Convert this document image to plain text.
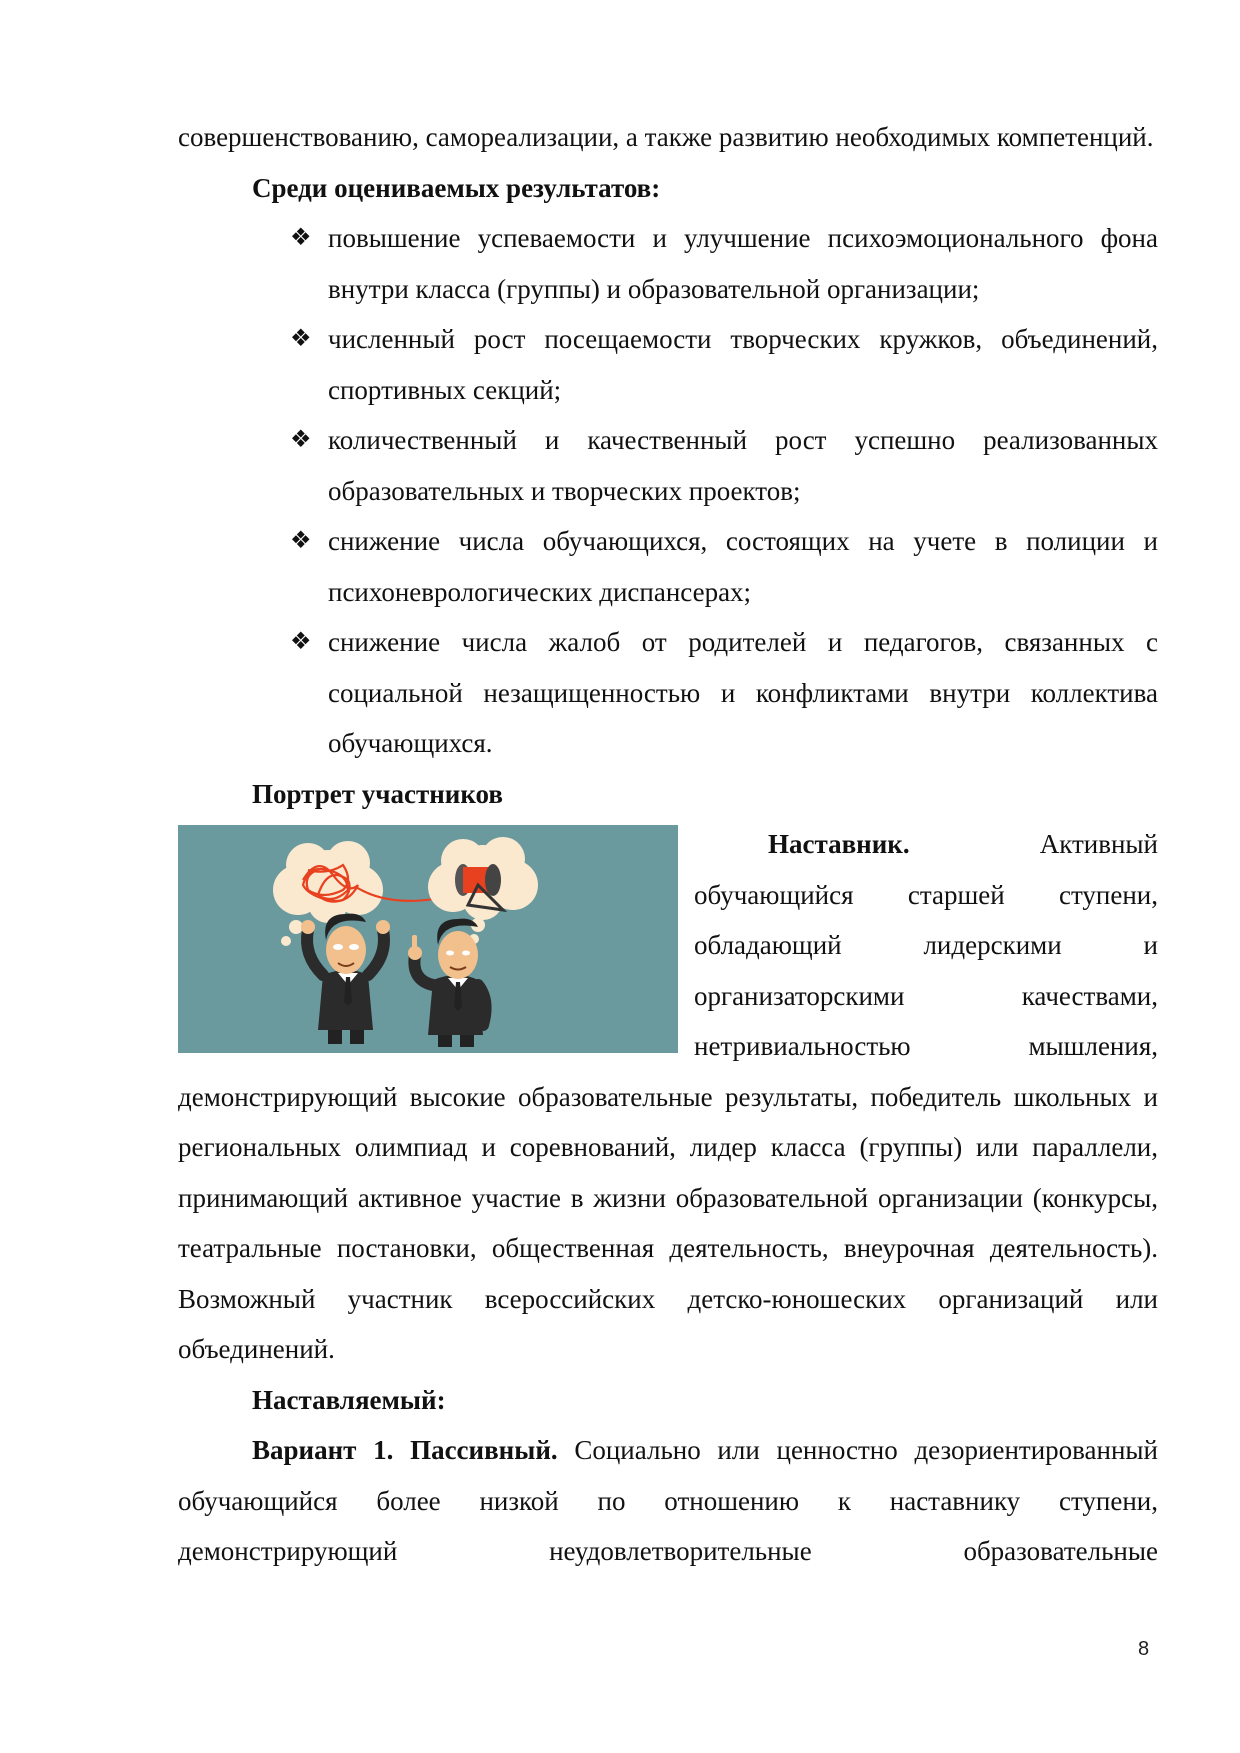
совершенствованию, самореализации, а также развитию необходимых компетенций.

Среди оцениваемых результатов:

❖ повышение успеваемости и улучшение психоэмоционального фона внутри класса (группы) и образовательной организации;
❖ численный рост посещаемости творческих кружков, объединений, спортивных секций;
❖ количественный и качественный рост успешно реализованных образовательных и творческих проектов;
❖ снижение числа обучающихся, состоящих на учете в полиции и психоневрологических диспансерах;
❖ снижение числа жалоб от родителей и педагогов, связанных с социальной незащищенностью и конфликтами внутри коллектива обучающихся.

Портрет участников

Наставник.	Активный обучающийся старшей ступени, обладающий лидерскими и организаторскими качествами, нетривиальностью мышления, демонстрирующий высокие образовательные результаты, победитель школьных и региональных олимпиад и соревнований, лидер класса (группы) или параллели, принимающий активное участие в жизни образовательной организации (конкурсы, театральные постановки, общественная деятельность, внеурочная деятельность). Возможный участник всероссийских детско-юношеских организаций или объединений.

Наставляемый:

Вариант 1. Пассивный. Социально или ценностно дезориентированный обучающийся более низкой по отношению к наставнику ступени, демонстрирующий неудовлетворительные образовательные

8
